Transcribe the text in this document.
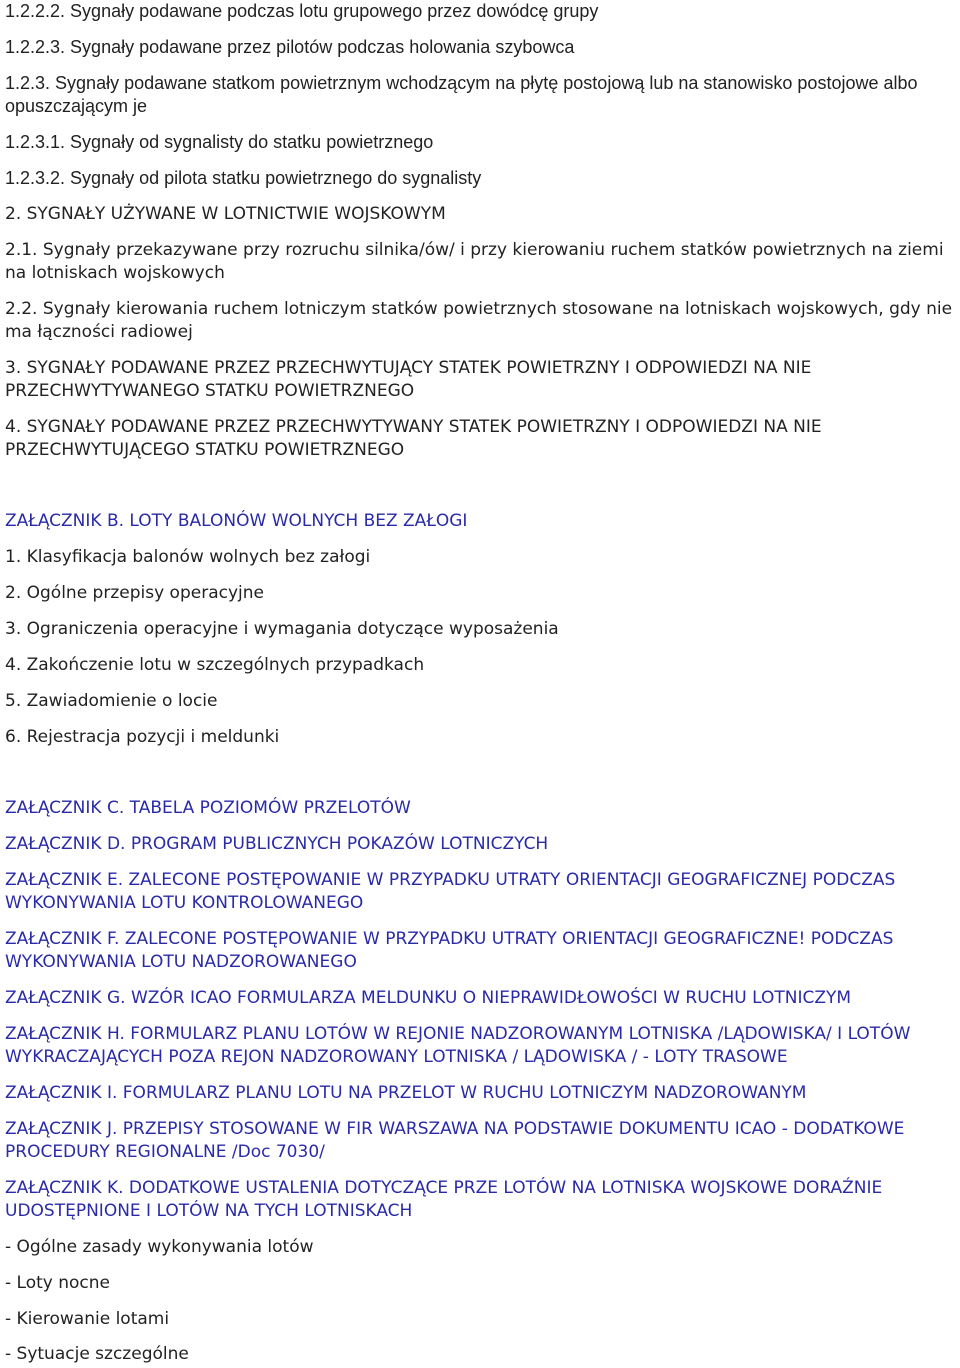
1.2.2.2. Sygnały podawane podczas lotu grupowego przez dowódcę grupy

1.2.2.3. Sygnały podawane przez pilotów podczas holowania szybowca

1.2.3. Sygnały podawane statkom powietrznym wchodzącym na płytę postojową lub na stanowisko postojowe albo opuszczającym je

1.2.3.1. Sygnały od sygnalisty do statku powietrznego

1.2.3.2. Sygnały od pilota statku powietrznego do sygnalisty

2. SYGNAŁY UŻYWANE W LOTNICTWIE WOJSKOWYM

2.1. Sygnały przekazywane przy rozruchu silnika/ów/ i przy kierowaniu ruchem statków powietrznych na ziemi na lotniskach wojskowych

2.2. Sygnały kierowania ruchem lotniczym statków powietrznych stosowane na lotniskach wojskowych, gdy nie ma łączności radiowej

3. SYGNAŁY PODAWANE PRZEZ PRZECHWYTUJĄCY STATEK POWIETRZNY I ODPOWIEDZI NA NIE PRZECHWYTYWANEGO STATKU POWIETRZNEGO

4. SYGNAŁY PODAWANE PRZEZ PRZECHWYTYWANY STATEK POWIETRZNY I ODPOWIEDZI NA NIE PRZECHWYTUJĄCEGO STATKU POWIETRZNEGO

ZAŁĄCZNIK B. LOTY BALONÓW WOLNYCH BEZ ZAŁOGI

1. Klasyfikacja balonów wolnych bez załogi

2. Ogólne przepisy operacyjne

3. Ograniczenia operacyjne i wymagania dotyczące wyposażenia

4. Zakończenie lotu w szczególnych przypadkach

5. Zawiadomienie o locie

6. Rejestracja pozycji i meldunki

ZAŁĄCZNIK C. TABELA POZIOMÓW PRZELOTÓW

ZAŁĄCZNIK D. PROGRAM PUBLICZNYCH POKAZÓW LOTNICZYCH

ZAŁĄCZNIK E. ZALECONE POSTĘPOWANIE W PRZYPADKU UTRATY ORIENTACJI GEOGRAFICZNEJ PODCZAS WYKONYWANIA LOTU KONTROLOWANEGO

ZAŁĄCZNIK F. ZALECONE POSTĘPOWANIE W PRZYPADKU UTRATY ORIENTACJI GEOGRAFICZNE! PODCZAS WYKONYWANIA LOTU NADZOROWANEGO

ZAŁĄCZNIK G. WZÓR ICAO FORMULARZA MELDUNKU O NIEPRAWIDŁOWOŚCI W RUCHU LOTNICZYM

ZAŁĄCZNIK H. FORMULARZ PLANU LOTÓW W REJONIE NADZOROWANYM LOTNISKA /LĄDOWISKA/ I LOTÓW WYKRACZAJĄCYCH POZA REJON NADZOROWANY LOTNISKA / LĄDOWISKA / - LOTY TRASOWE

ZAŁĄCZNIK I. FORMULARZ PLANU LOTU NA PRZELOT W RUCHU LOTNICZYM NADZOROWANYM

ZAŁĄCZNIK J. PRZEPISY STOSOWANE W FIR WARSZAWA NA PODSTAWIE DOKUMENTU ICAO - DODATKOWE PROCEDURY REGIONALNE /Doc 7030/

ZAŁĄCZNIK K. DODATKOWE USTALENIA DOTYCZĄCE PRZE LOTÓW NA LOTNISKA WOJSKOWE DORAŹNIE UDOSTĘPNIONE I LOTÓW NA TYCH LOTNISKACH

- Ogólne zasady wykonywania lotów

- Loty nocne

- Kierowanie lotami

- Sytuacje szczególne
